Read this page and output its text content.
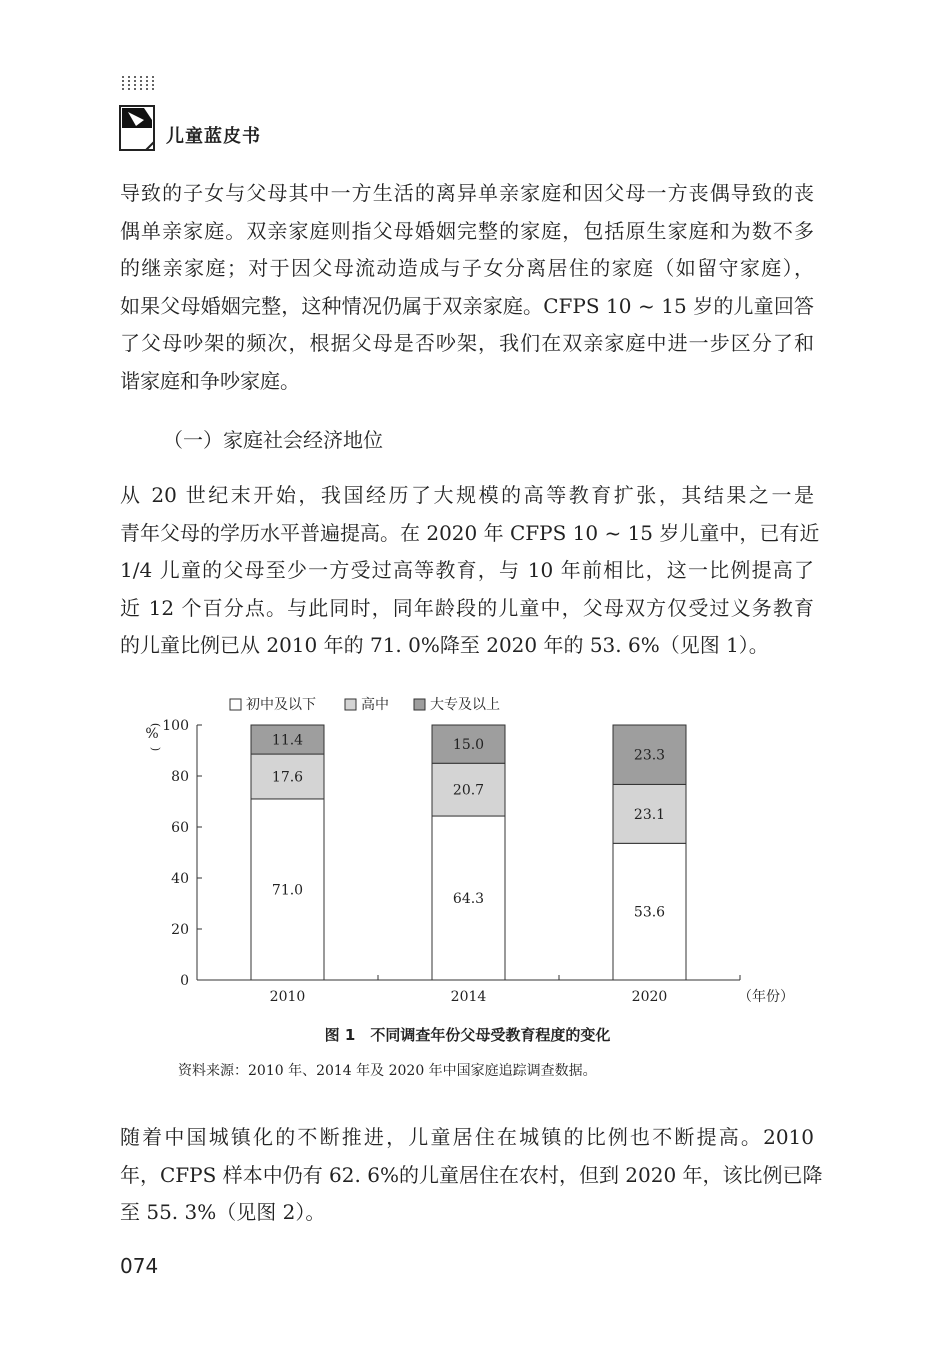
儿童蓝皮书
导致的子女与父母其中一方生活的离异单亲家庭和因父母一方丧偶导致的丧
偶单亲家庭。双亲家庭则指父母婚姻完整的家庭，包括原生家庭和为数不多
的继亲家庭；对于因父母流动造成与子女分离居住的家庭（如留守家庭），
如果父母婚姻完整，这种情况仍属于双亲家庭。CFPS 10 ~ 15 岁的儿童回答
了父母吵架的频次，根据父母是否吵架，我们在双亲家庭中进一步区分了和
谐家庭和争吵家庭。
（一）家庭社会经济地位
从 20 世纪末开始，我国经历了大规模的高等教育扩张，其结果之一是
青年父母的学历水平普遍提高。在 2020 年 CFPS 10 ~ 15 岁儿童中，已有近
1/4 儿童的父母至少一方受过高等教育，与 10 年前相比，这一比例提高了
近 12 个百分点。与此同时，同年龄段的儿童中，父母双方仅受过义务教育
的儿童比例已从 2010 年的 71. 0%降至 2020 年的 53. 6%（见图 1）。
初中及以下	高中	大专及以上
0
20
40
60
80
100
%
(
)
（年份）
71.0
17.6
11.4
2010
64.3
20.7
15.0
2014
53.6
23.1
23.3
2020
图 1　不同调查年份父母受教育程度的变化
资料来源：2010 年、2014 年及 2020 年中国家庭追踪调查数据。
随着中国城镇化的不断推进，儿童居住在城镇的比例也不断提高。2010
年，CFPS 样本中仍有 62. 6%的儿童居住在农村，但到 2020 年，该比例已降
至 55. 3%（见图 2）。
074
